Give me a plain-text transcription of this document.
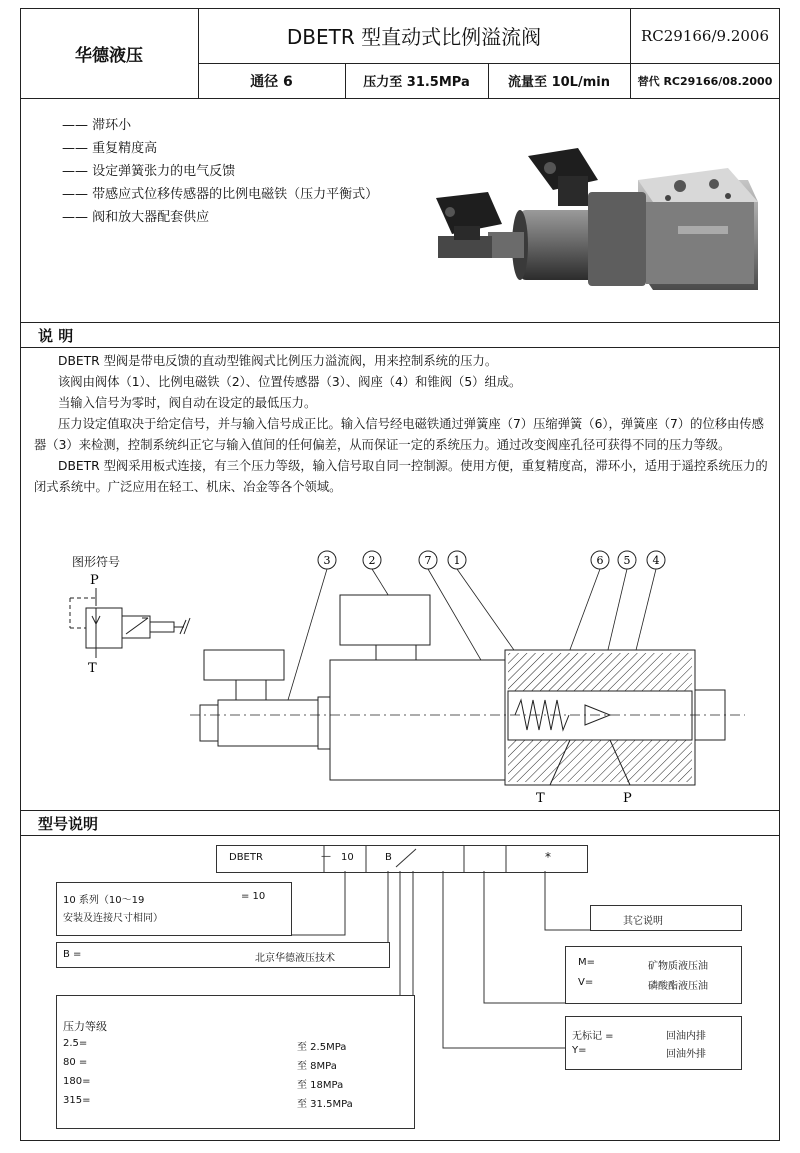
华德液压
DBETR 型直动式比例溢流阀	RC29166/9.2006
通径 6	压力至 31.5MPa	流量至 10L/min	替代 RC29166/08.2000
—— 滞环小
—— 重复精度高
—— 设定弹簧张力的电气反馈
—— 带感应式位移传感器的比例电磁铁（压力平衡式）
—— 阀和放大器配套供应
说 明

DBETR 型阀是带电反馈的直动型锥阀式比例压力溢流阀，用来控制系统的压力。

该阀由阀体（1）、比例电磁铁（2）、位置传感器（3）、阀座（4）和锥阀（5）组成。

当输入信号为零时，阀自动在设定的最低压力。

压力设定值取决于给定信号，并与输入信号成正比。输入信号经电磁铁通过弹簧座（7）压缩弹簧（6），弹簧座（7）的位移由传感器（3）来检测，控制系统纠正它与输入值间的任何偏差，从而保证一定的系统压力。通过改变阀座孔径可获得不同的压力等级。

DBETR 型阀采用板式连接，有三个压力等级，输入信号取自同一控制源。使用方便，重复精度高，滞环小，适用于遥控系统压力的闭式系统中。广泛应用在轻工、机床、冶金等各个领域。

图形符号
P
T
3	2	7 1	6 5 4
T	P
型号说明
DBETR	— 10	B	*
10 系列（10～19	= 10
安装及连接尺寸相同）
B =	北京华德液压技术
压力等级
2.5=	至 2.5MPa
80 =	至 8MPa
180=	至 18MPa
315=	至 31.5MPa
其它说明
M=	矿物质液压油
V=	磷酸酯液压油
无标记 =	回油内排
Y=	回油外排
